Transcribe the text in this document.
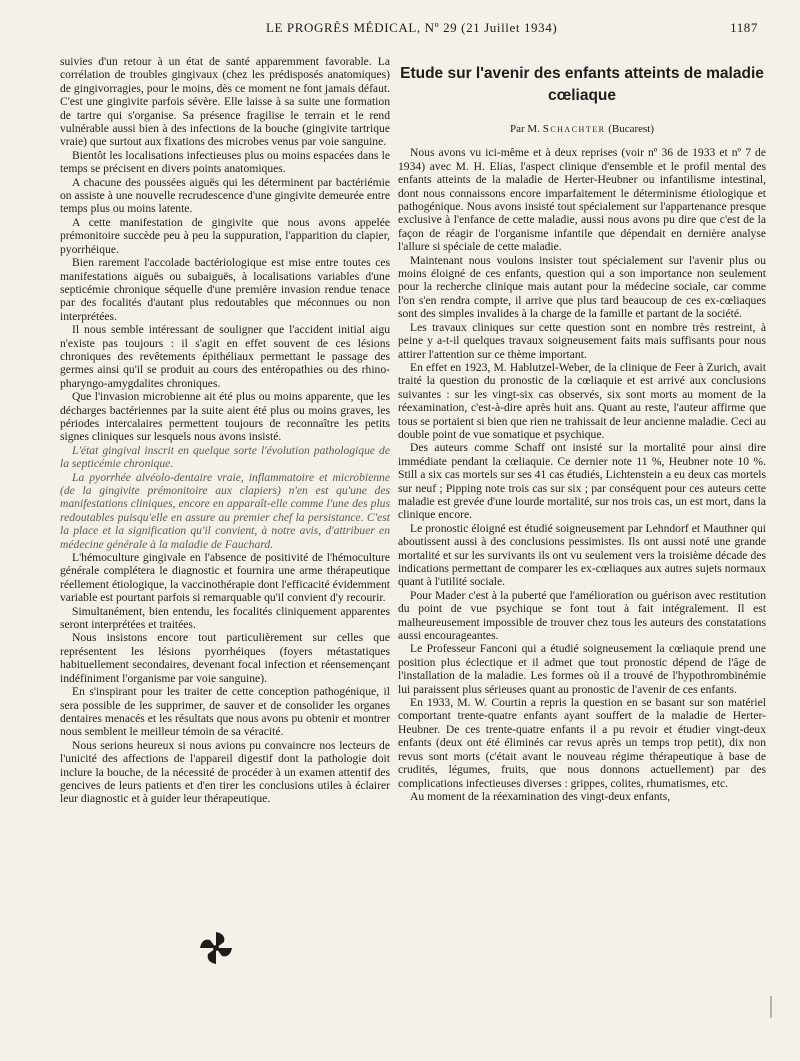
LE PROGRÈS MÉDICAL, Nº 29 (21 Juillet 1934)	1187

suivies d'un retour à un état de santé apparemment favorable. La corrélation de troubles gingivaux (chez les prédisposés anatomiques) de gingivorragies, pour le moins, dès ce moment ne font jamais défaut. C'est une gingivite parfois sévère. Elle laisse à sa suite une formation de tartre qui s'organise. Sa présence fragilise le terrain et le rend vulnérable aussi bien à des infections de la bouche (gingivite tartrique vraie) que surtout aux fixations des microbes venus par voie sanguine.

Bientôt les localisations infectieuses plus ou moins espacées dans le temps se précisent en divers points anatomiques.

A chacune des poussées aiguës qui les déterminent par bactériémie on assiste à une nouvelle recrudescence d'une gingivite demeurée entre temps plus ou moins latente.

A cette manifestation de gingivite que nous avons appelée prémonitoire succède peu à peu la suppuration, l'apparition du clapier, pyorrhéique.

Bien rarement l'accolade bactériologique est mise entre toutes ces manifestations aiguës ou subaiguës, à localisations variables d'une septicémie chronique séquelle d'une première invasion rendue tenace par des focalités d'autant plus redoutables que méconnues ou non interprétées.

Il nous semble intéressant de souligner que l'accident initial aigu n'existe pas toujours : il s'agit en effet souvent de ces lésions chroniques des revêtements épithéliaux permettant le passage des germes ainsi qu'il se produit au cours des entéropathies ou des rhino-pharyngo-amygdalites chroniques.

Que l'invasion microbienne ait été plus ou moins apparente, que les décharges bactériennes par la suite aient été plus ou moins graves, les périodes intercalaires permettent toujours de reconnaître les petits signes cliniques sur lesquels nous avons insisté.

L'état gingival inscrit en quelque sorte l'évolution pathologique de la septicémie chronique.

La pyorrhée alvéolo-dentaire vraie, inflammatoire et microbienne (de la gingivite prémonitoire aux clapiers) n'en est qu'une des manifestations cliniques, encore en apparaît-elle comme l'une des plus redoutables puisqu'elle en assure au premier chef la persistance. C'est la place et la signification qu'il convient, à notre avis, d'attribuer en médecine générale à la maladie de Fauchard.

L'hémoculture gingivale en l'absence de positivité de l'hémoculture générale complétera le diagnostic et fournira une arme thérapeutique réellement étiologique, la vaccinothérapie dont l'efficacité évidemment variable est pourtant parfois si remarquable qu'il convient d'y recourir.

Simultanément, bien entendu, les focalités cliniquement apparentes seront interprétées et traitées.

Nous insistons encore tout particulièrement sur celles que représentent les lésions pyorrhéiques (foyers métastatiques habituellement secondaires, devenant focal infection et réensemençant indéfiniment l'organisme par voie sanguine).

En s'inspirant pour les traiter de cette conception pathogénique, il sera possible de les supprimer, de sauver et de consolider les organes dentaires menacés et les résultats que nous avons pu obtenir et montrer nous semblent le meilleur témoin de sa véracité.

Nous serions heureux si nous avions pu convaincre nos lecteurs de l'unicité des affections de l'appareil digestif dont la pathologie doit inclure la bouche, de la nécessité de procéder à un examen attentif des gencives de leurs patients et d'en tirer les conclusions utiles à éclairer leur diagnostic et à guider leur thérapeutique.

Etude sur l'avenir des enfants atteints de maladie cœliaque
Par M. Schachter (Bucarest)

Nous avons vu ici-même et à deux reprises (voir nº 36 de 1933 et nº 7 de 1934) avec M. H. Elias, l'aspect clinique d'ensemble et le profil mental des enfants atteints de la maladie de Herter-Heubner ou infantilisme intestinal, dont nous connaissons encore imparfaitement le déterminisme étiologique et pathogénique. Nous avons insisté tout spécialement sur l'appartenance presque exclusive à l'enfance de cette maladie, aussi nous avons pu dire que c'est de la façon de réagir de l'organisme infantile que dépendait en dernière analyse l'allure si spéciale de cette maladie.

Maintenant nous voulons insister tout spécialement sur l'avenir plus ou moins éloigné de ces enfants, question qui a son importance non seulement pour la recherche clinique mais autant pour la médecine sociale, car comme l'on s'en rendra compte, il arrive que plus tard beaucoup de ces ex-cœliaques sont des simples invalides à la charge de la famille et partant de la société.

Les travaux cliniques sur cette question sont en nombre très restreint, à peine y a-t-il quelques travaux soigneusement faits mais suffisants pour nous attirer l'attention sur ce thème important.

En effet en 1923, M. Hablutzel-Weber, de la clinique de Feer à Zurich, avait traité la question du pronostic de la cœliaquie et est arrivé aux conclusions suivantes : sur les vingt-six cas observés, six sont morts au moment de la réexamination, c'est-à-dire après huit ans. Quant au reste, l'auteur affirme que tous se portaient si bien que rien ne trahissait de leur ancienne maladie. Ceci au double point de vue somatique et psychique.

Des auteurs comme Schaff ont insisté sur la mortalité pour ainsi dire immédiate pendant la cœliaquie. Ce dernier note 11 %, Heubner note 10 %. Still a six cas mortels sur ses 41 cas étudiés, Lichtenstein a eu deux cas mortels sur neuf ; Pipping note trois cas sur six ; par conséquent pour ces auteurs cette maladie est grevée d'une lourde mortalité, sur nos trois cas, un est mort, dans la clinique encore.

Le pronostic éloigné est étudié soigneusement par Lehndorf et Mauthner qui aboutissent aussi à des conclusions pessimistes. Ils ont aussi noté une grande mortalité et sur les survivants ils ont vu seulement vers la troisième décade des indications permettant de comparer les ex-cœliaques aux autres sujets normaux quant à l'utilité sociale.

Pour Mader c'est à la puberté que l'amélioration ou guérison avec restitution du point de vue psychique se font tout à fait intégralement. Il est malheureusement impossible de trouver chez tous les auteurs des constatations aussi encourageantes.

Le Professeur Fanconi qui a étudié soigneusement la cœliaquie prend une position plus éclectique et il admet que tout pronostic dépend de l'âge de l'installation de la maladie. Les formes où il a trouvé de l'hypothrombinémie lui paraissent plus sérieuses quant au pronostic de l'avenir de ces enfants.

En 1933, M. W. Courtin a repris la question en se basant sur son matériel comportant trente-quatre enfants ayant souffert de la maladie de Herter-Heubner. De ces trente-quatre enfants il a pu revoir et étudier vingt-deux enfants (deux ont été éliminés car revus après un temps trop petit), dix non revus sont morts (c'était avant le nouveau régime thérapeutique à base de crudités, légumes, fruits, que nous donnons actuellement) par des complications infectieuses diverses : grippes, colites, rhumatismes, etc.

Au moment de la réexamination des vingt-deux enfants,
